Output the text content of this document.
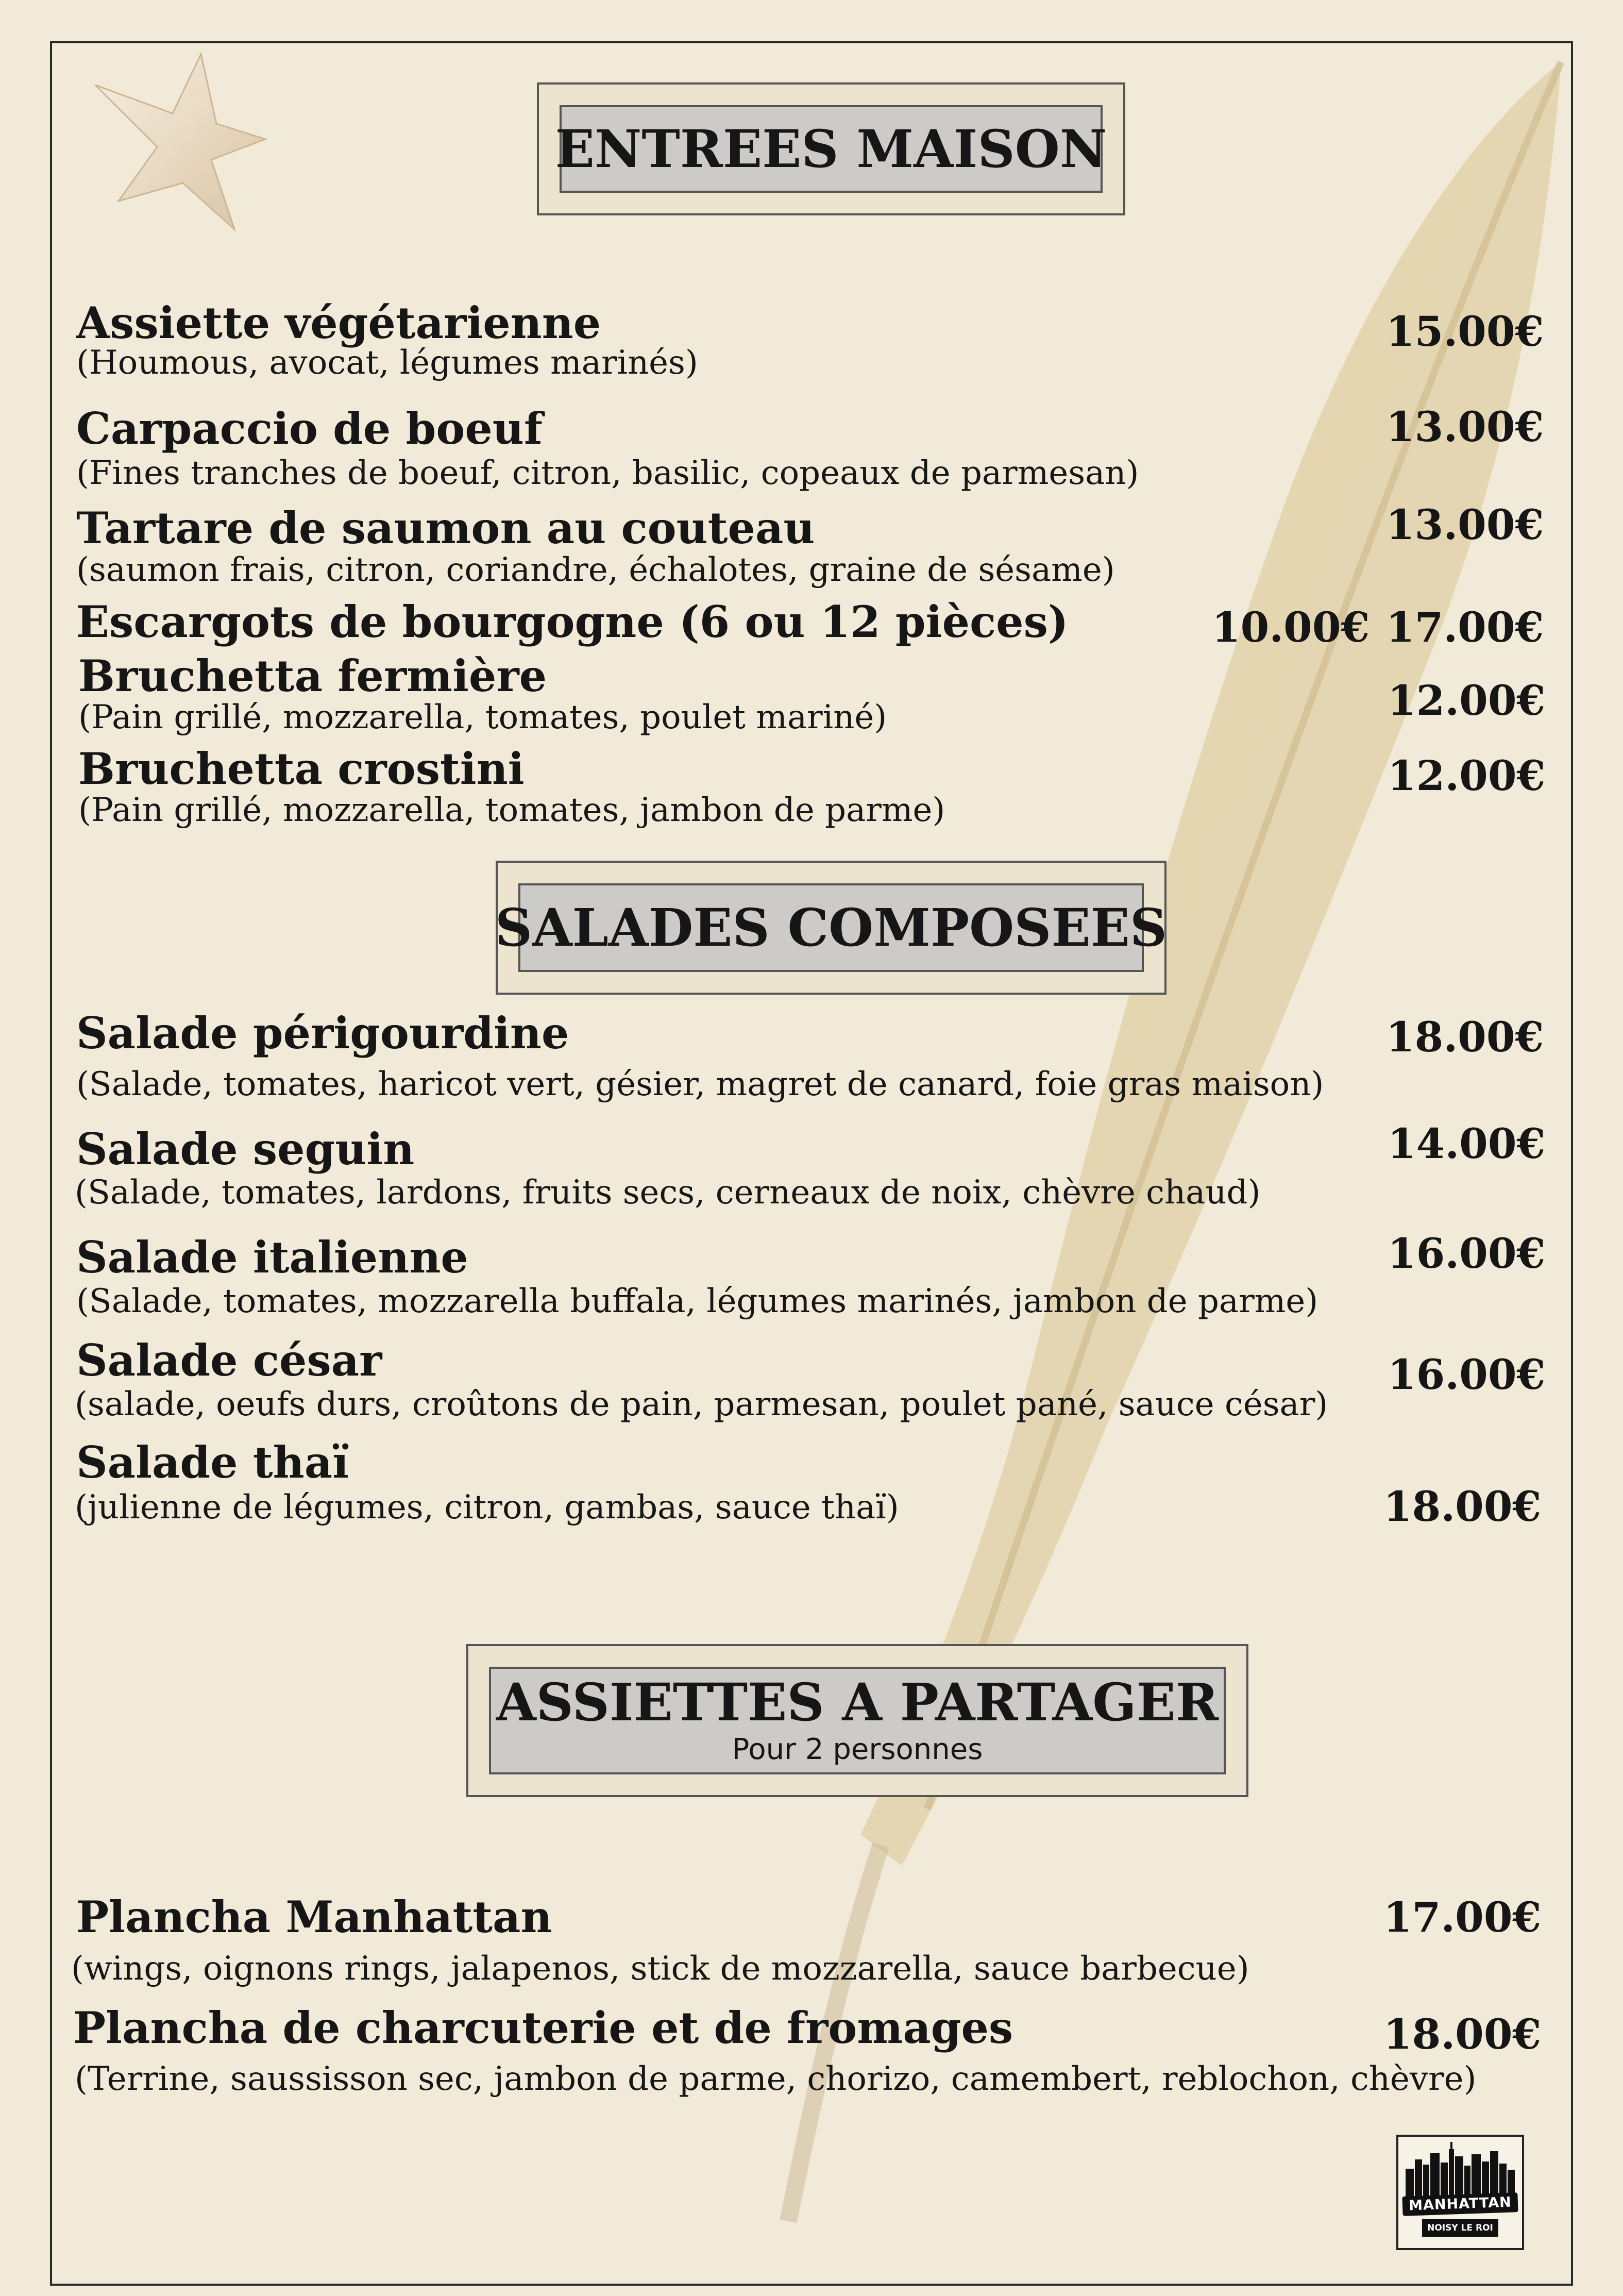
ENTREES MAISON
Assiette végétarienne
(Houmous, avocat, légumes marinés)
15.00€
Carpaccio de boeuf
(Fines tranches de boeuf, citron, basilic, copeaux de parmesan)
13.00€
Tartare de saumon au couteau
(saumon frais, citron, coriandre, échalotes, graine de sésame)
13.00€
Escargots de bourgogne (6 ou 12 pièces)	10.00€ 17.00€
Bruchetta fermière
(Pain grillé, mozzarella, tomates, poulet mariné)	12.00€
Bruchetta crostini
(Pain grillé, mozzarella, tomates, jambon de parme)
12.00€
SALADES COMPOSEES
Salade périgourdine
(Salade, tomates, haricot vert, gésier, magret de canard, foie gras maison)
18.00€
Salade seguin
(Salade, tomates, lardons, fruits secs, cerneaux de noix, chèvre chaud)
14.00€
Salade italienne
(Salade, tomates, mozzarella buffala, légumes marinés, jambon de parme)
16.00€
Salade césar
(salade, oeufs durs, croûtons de pain, parmesan, poulet pané, sauce césar)
16.00€
Salade thaï
(julienne de légumes, citron, gambas, sauce thaï)	18.00€
ASSIETTES A PARTAGER
Pour 2 personnes
Plancha Manhattan
(wings, oignons rings, jalapenos, stick de mozzarella, sauce barbecue)
17.00€
Plancha de charcuterie et de fromages
(Terrine, saussisson sec, jambon de parme, chorizo, camembert, reblochon, chèvre)
18.00€
MANHATTAN
NOISY LE ROI
